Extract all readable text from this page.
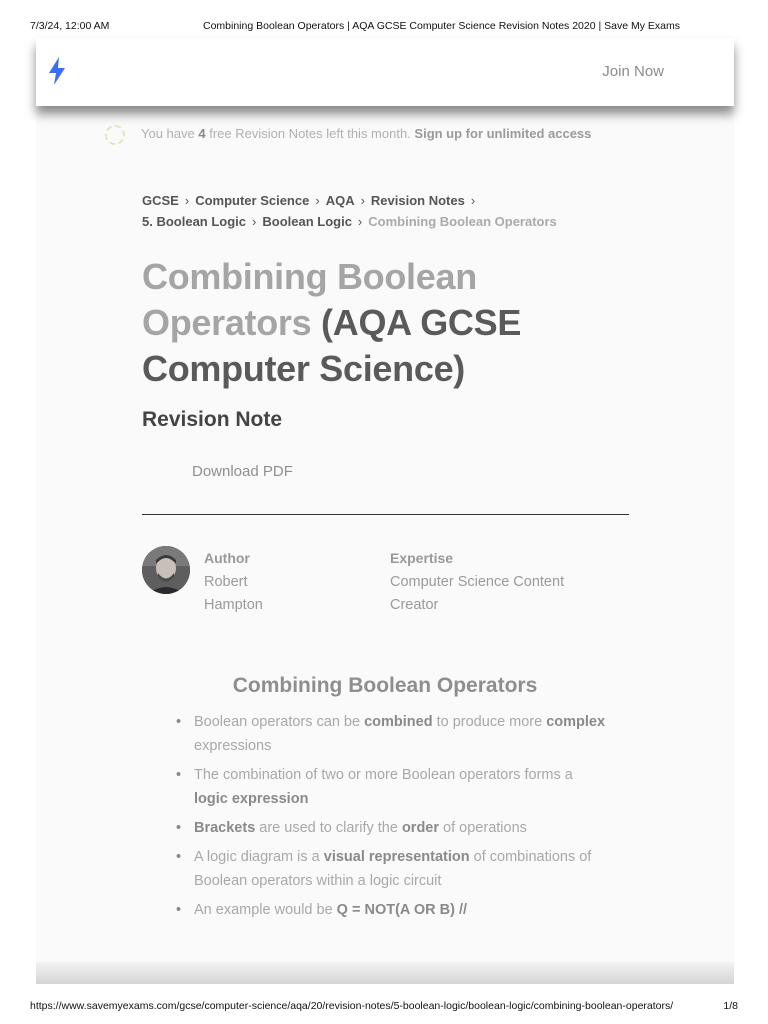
7/3/24, 12:00 AM	Combining Boolean Operators | AQA GCSE Computer Science Revision Notes 2020 | Save My Exams
You have 4 free Revision Notes left this month. Sign up for unlimited access
GCSE › Computer Science › AQA › Revision Notes ›
5. Boolean Logic › Boolean Logic › Combining Boolean Operators
Combining Boolean Operators (AQA GCSE Computer Science)
Revision Note
Download PDF
Author
Robert
Hampton
Expertise
Computer Science Content
Creator
Combining Boolean Operators
• Boolean operators can be combined to produce more complex expressions
• The combination of two or more Boolean operators forms a logic expression
• Brackets are used to clarify the order of operations
• A logic diagram is a visual representation of combinations of Boolean operators within a logic circuit
• An example would be Q = NOT(A OR B) //
Join Now
https://www.savemyexams.com/gcse/computer-science/aqa/20/revision-notes/5-boolean-logic/boolean-logic/combining-boolean-operators/	1/8
